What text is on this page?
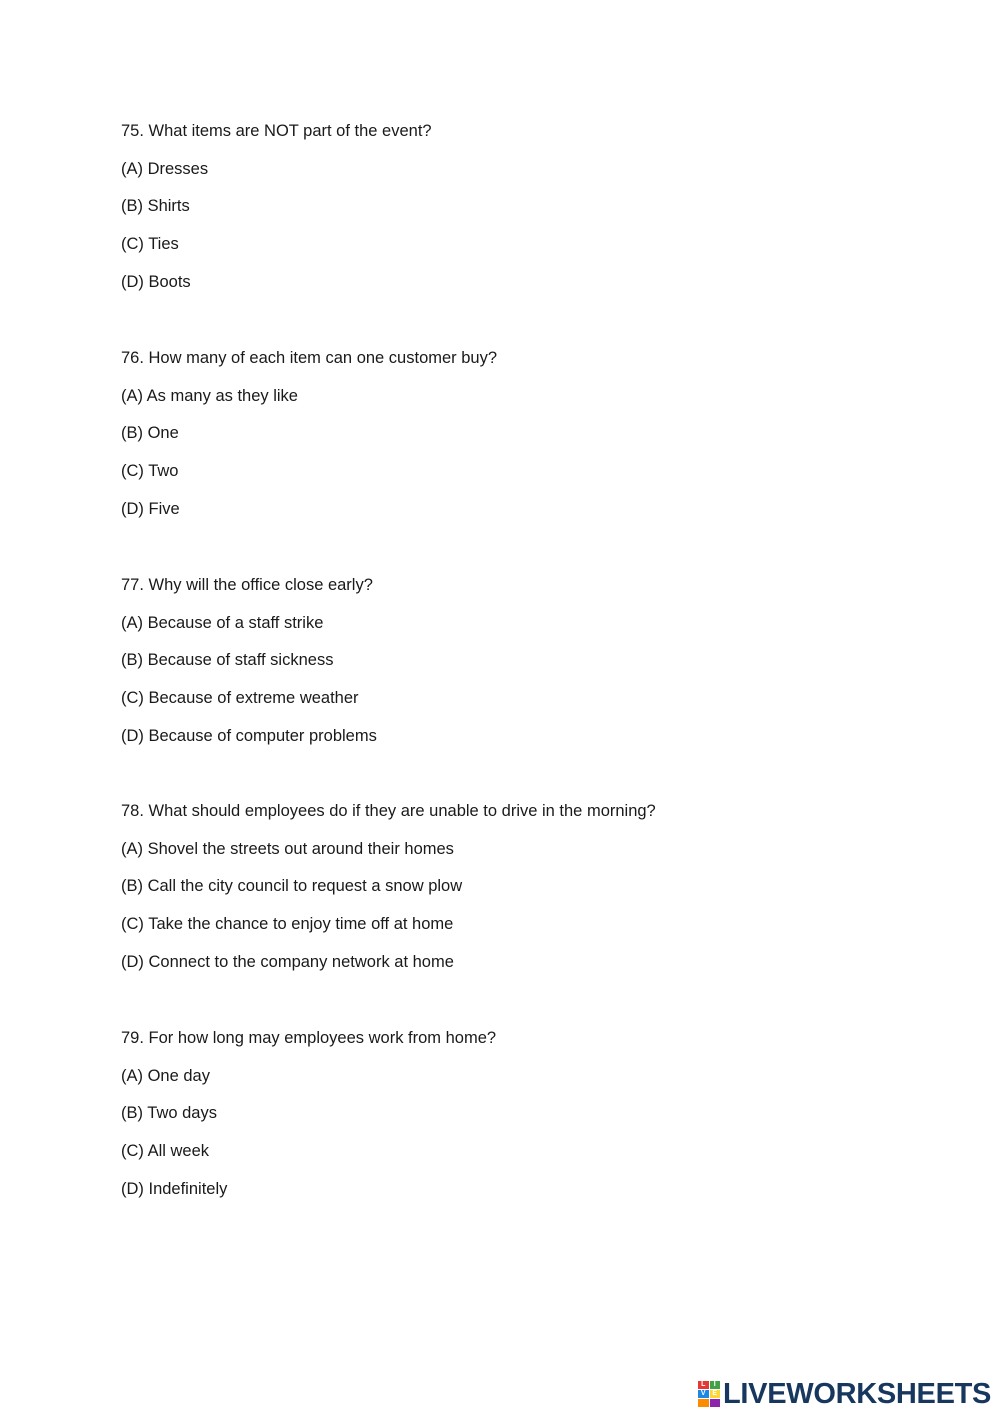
75. What items are NOT part of the event?
(A) Dresses
(B) Shirts
(C) Ties
(D) Boots
76. How many of each item can one customer buy?
(A) As many as they like
(B) One
(C) Two
(D) Five
77. Why will the office close early?
(A) Because of a staff strike
(B) Because of staff sickness
(C) Because of extreme weather
(D) Because of computer problems
78. What should employees do if they are unable to drive in the morning?
(A) Shovel the streets out around their homes
(B) Call the city council to request a snow plow
(C) Take the chance to enjoy time off at home
(D) Connect to the company network at home
79. For how long may employees work from home?
(A) One day
(B) Two days
(C) All week
(D) Indefinitely
L	I
V E LIVEWORKSHEETS
